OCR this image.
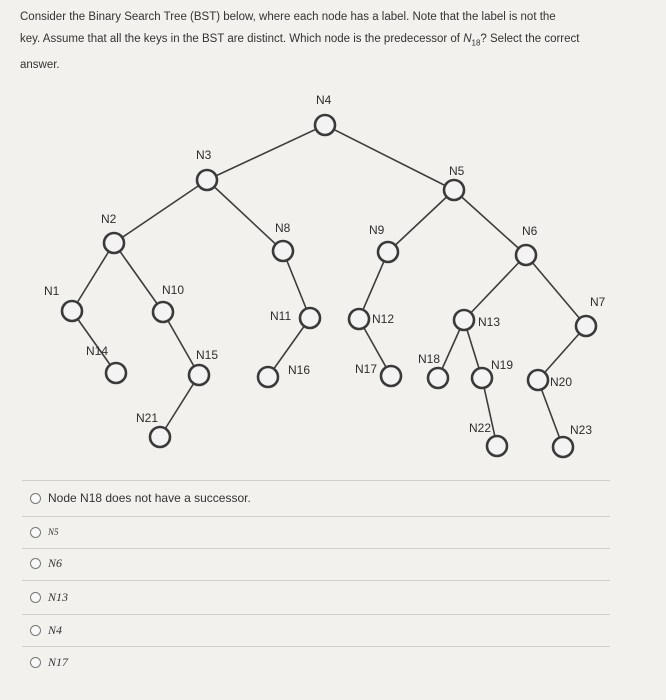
Consider the Binary Search Tree (BST) below, where each node has a label. Note that the label is not the
key. Assume that all the keys in the BST are distinct. Which node is the predecessor of $N_{18}$? Select the correct
answer.
N4
N3
N5
N2
N8	N9	N6
N1	N10
N11	N12	N13
N7
N14	N15
N16	N17
N18	N19
N20
N21
N22	N23
Node N18 does not have a successor.
N5
N6
N13
N4
N17
